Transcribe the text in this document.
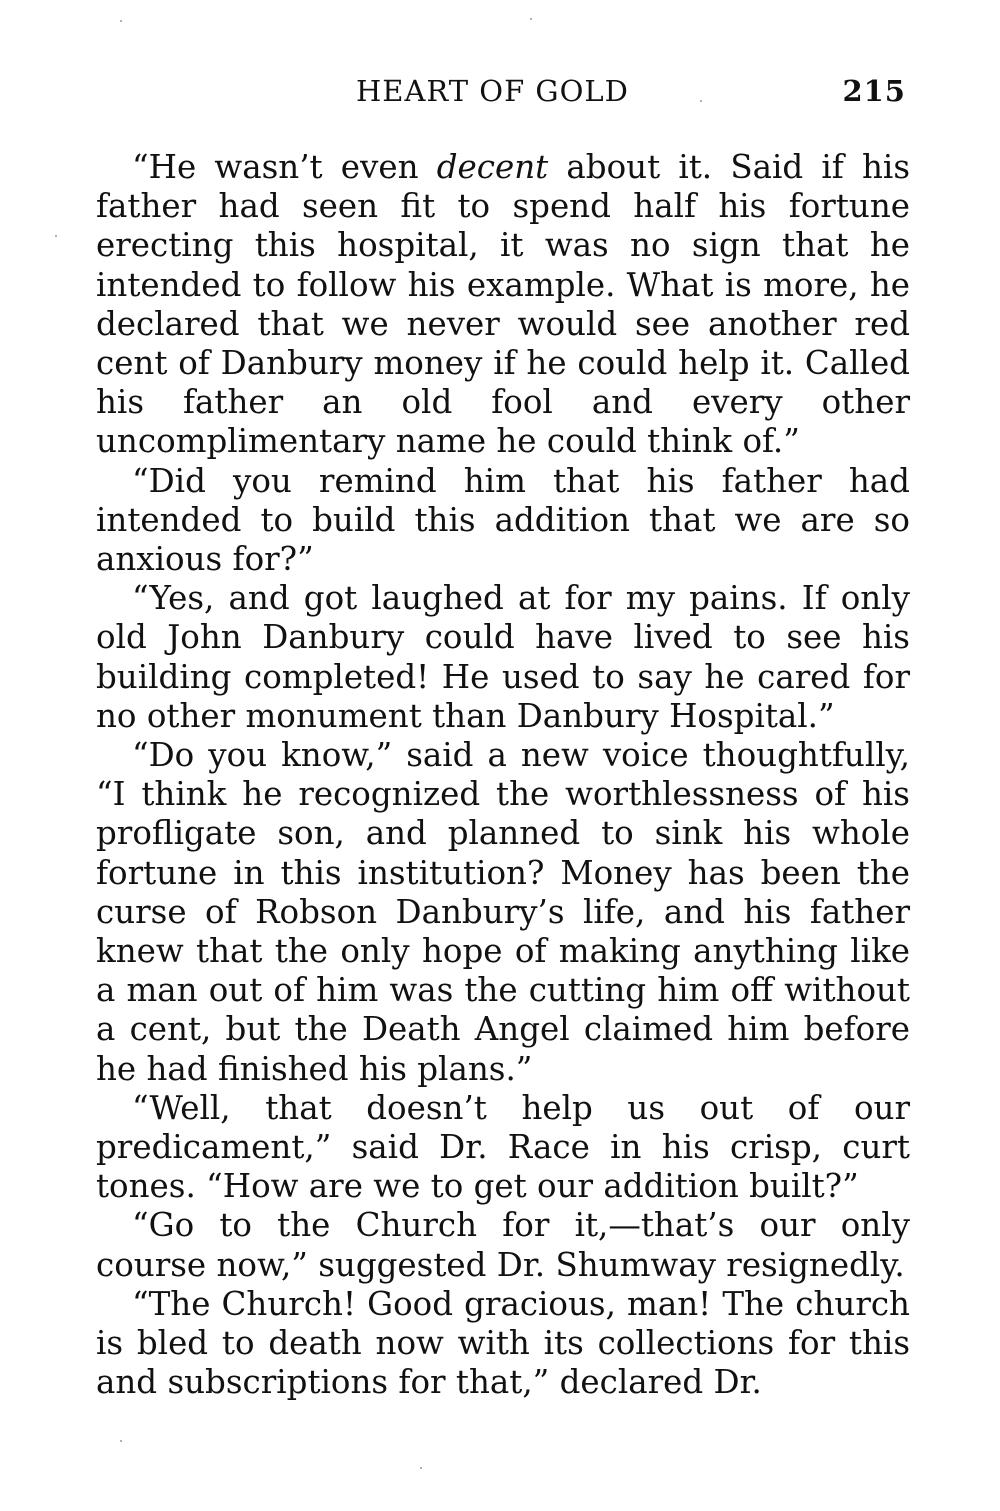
HEART OF GOLD	215

“He wasn’t even decent about it. Said if his father had seen fit to spend half his fortune erecting this hospital, it was no sign that he intended to follow his example. What is more, he declared that we never would see another red cent of Danbury money if he could help it. Called his father an old fool and every other uncomplimentary name he could think of.”

“Did you remind him that his father had intended to build this addition that we are so anxious for?”

“Yes, and got laughed at for my pains. If only old John Danbury could have lived to see his building completed! He used to say he cared for no other monument than Danbury Hospital.”

“Do you know,” said a new voice thoughtfully, “I think he recognized the worthlessness of his profligate son, and planned to sink his whole fortune in this institution? Money has been the curse of Robson Danbury’s life, and his father knew that the only hope of making anything like a man out of him was the cutting him off without a cent, but the Death Angel claimed him before he had finished his plans.”

“Well, that doesn’t help us out of our predicament,” said Dr. Race in his crisp, curt tones. “How are we to get our addition built?”

“Go to the Church for it,—that’s our only course now,” suggested Dr. Shumway resignedly.

“The Church! Good gracious, man! The church is bled to death now with its collections for this and subscriptions for that,” declared Dr.
